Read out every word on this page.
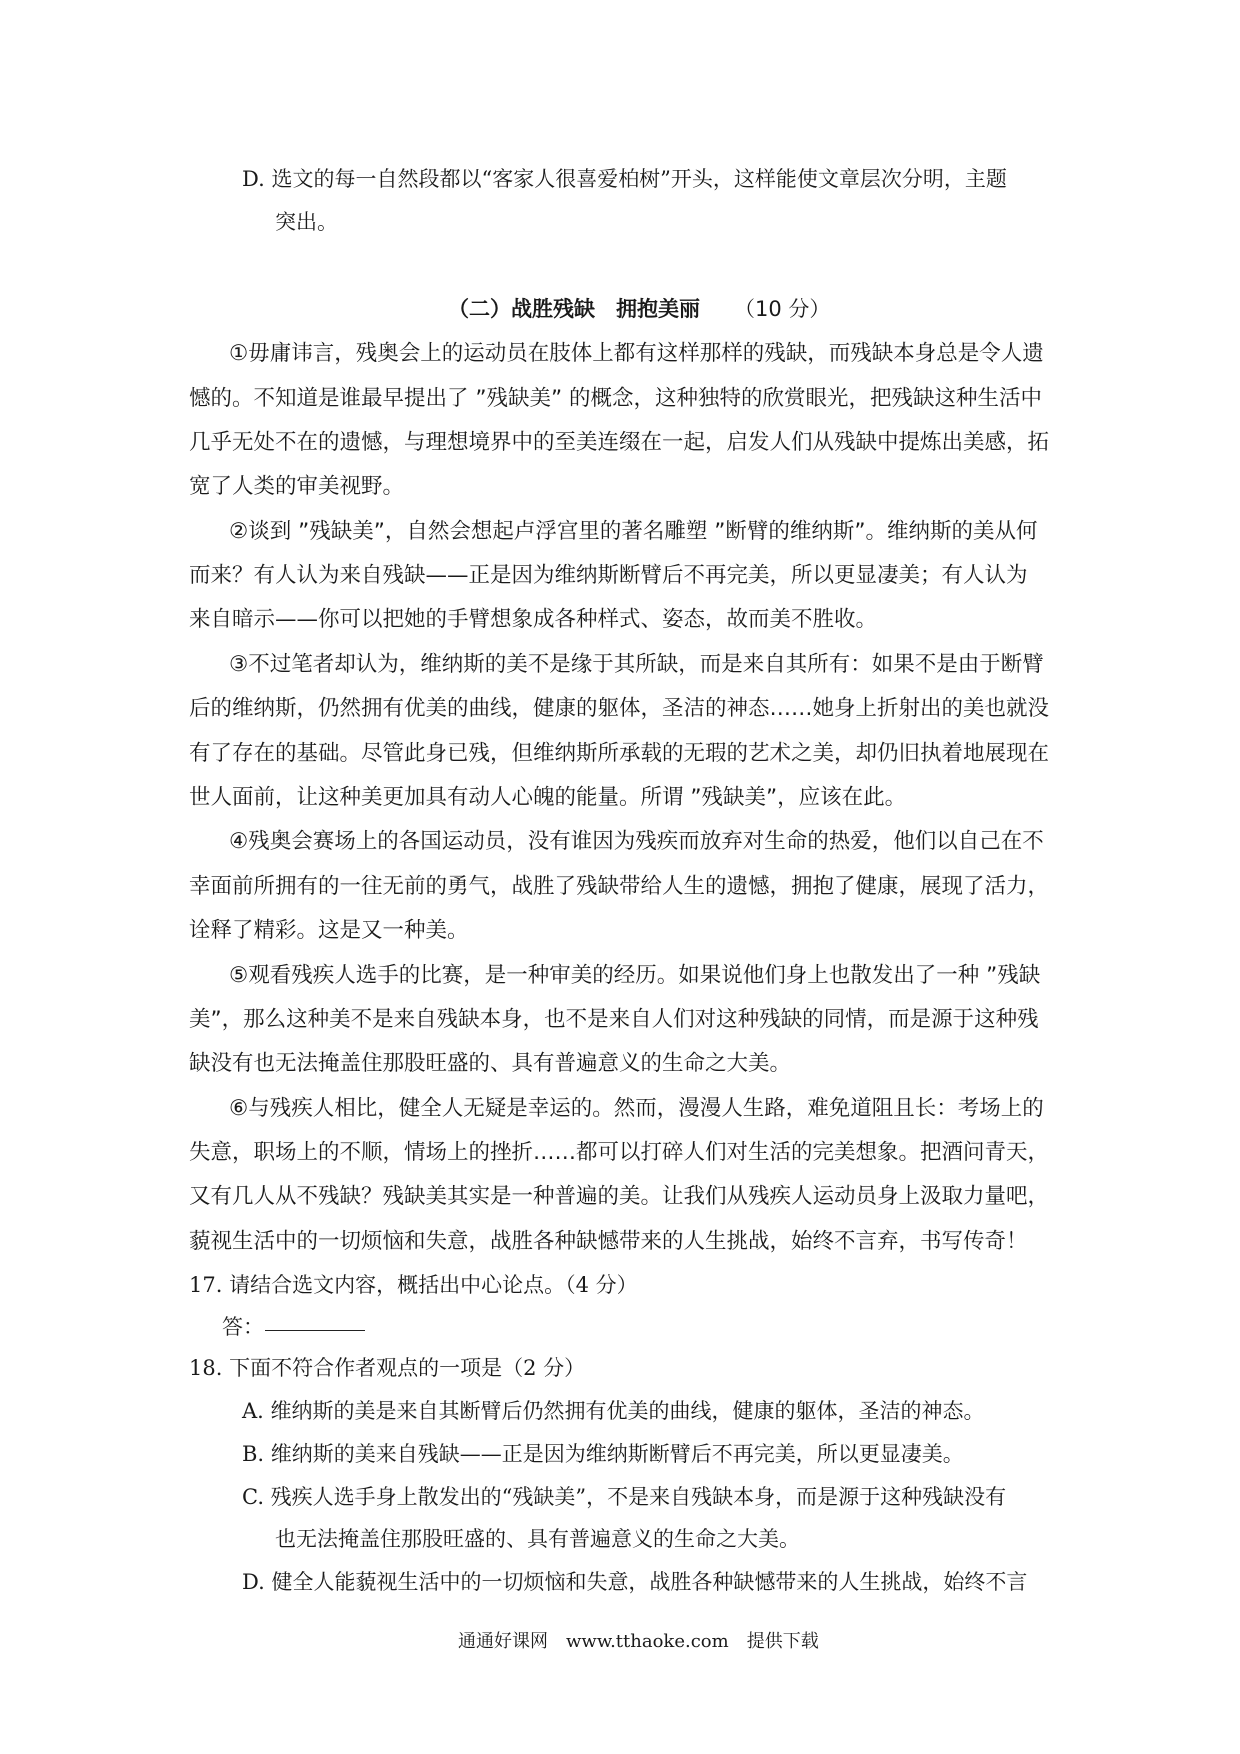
D. 选文的每一自然段都以“客家人很喜爱柏树”开头，这样能使文章层次分明，主题
突出。
（二）战胜残缺　拥抱美丽 （10 分）
①毋庸讳言，残奥会上的运动员在肢体上都有这样那样的残缺，而残缺本身总是令人遗
憾的。不知道是谁最早提出了 ”残缺美” 的概念，这种独特的欣赏眼光，把残缺这种生活中
几乎无处不在的遗憾，与理想境界中的至美连缀在一起，启发人们从残缺中提炼出美感，拓
宽了人类的审美视野。
②谈到 ”残缺美”，自然会想起卢浮宫里的著名雕塑 ”断臂的维纳斯”。维纳斯的美从何
而来？有人认为来自残缺——正是因为维纳斯断臂后不再完美，所以更显凄美；有人认为
来自暗示——你可以把她的手臂想象成各种样式、姿态，故而美不胜收。
③不过笔者却认为，维纳斯的美不是缘于其所缺，而是来自其所有：如果不是由于断臂
后的维纳斯，仍然拥有优美的曲线，健康的躯体，圣洁的神态……她身上折射出的美也就没
有了存在的基础。尽管此身已残，但维纳斯所承载的无瑕的艺术之美，却仍旧执着地展现在
世人面前，让这种美更加具有动人心魄的能量。所谓 ”残缺美”，应该在此。
④残奥会赛场上的各国运动员，没有谁因为残疾而放弃对生命的热爱，他们以自己在不
幸面前所拥有的一往无前的勇气，战胜了残缺带给人生的遗憾，拥抱了健康，展现了活力，
诠释了精彩。这是又一种美。
⑤观看残疾人选手的比赛，是一种审美的经历。如果说他们身上也散发出了一种 ”残缺
美”，那么这种美不是来自残缺本身，也不是来自人们对这种残缺的同情，而是源于这种残
缺没有也无法掩盖住那股旺盛的、具有普遍意义的生命之大美。
⑥与残疾人相比，健全人无疑是幸运的。然而，漫漫人生路，难免道阻且长：考场上的
失意，职场上的不顺，情场上的挫折……都可以打碎人们对生活的完美想象。把酒问青天，
又有几人从不残缺？残缺美其实是一种普遍的美。让我们从残疾人运动员身上汲取力量吧，
藐视生活中的一切烦恼和失意，战胜各种缺憾带来的人生挑战，始终不言弃，书写传奇！
17. 请结合选文内容，概括出中心论点。（4 分）
答：
18. 下面不符合作者观点的一项是（2 分）
A. 维纳斯的美是来自其断臂后仍然拥有优美的曲线，健康的躯体，圣洁的神态。
B. 维纳斯的美来自残缺——正是因为维纳斯断臂后不再完美，所以更显凄美。
C. 残疾人选手身上散发出的“残缺美”，不是来自残缺本身，而是源于这种残缺没有
也无法掩盖住那股旺盛的、具有普遍意义的生命之大美。
D. 健全人能藐视生活中的一切烦恼和失意，战胜各种缺憾带来的人生挑战，始终不言
通通好课网　www.tthaoke.com　提供下载
